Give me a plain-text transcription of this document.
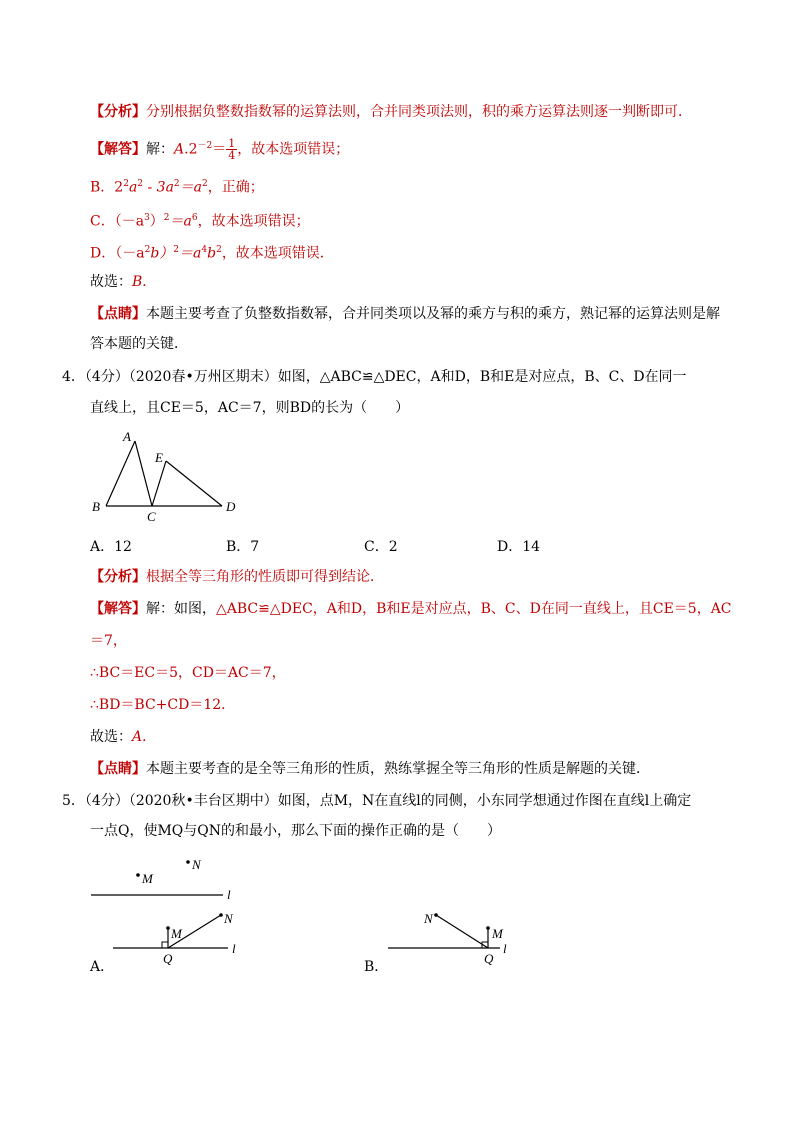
【分析】分别根据负整数指数幂的运算法则，合并同类项法则，积的乘方运算法则逐一判断即可．
【解答】解：$A.2^{-2}= \frac{1}{4}$ ，故本选项错误；
B．$2^2a^2 - 3a^2=a^2$，正确；
C．$(-a^3)^2=a^6$，故本选项错误；
D．$(-a^2b)^2=a^4b^2$，故本选项错误．
故选：B．
【点睛】本题主要考查了负整数指数幂，合并同类项以及幂的乘方与积的乘方，熟记幂的运算法则是解
答本题的关键．
4．（4分）（2020春•万州区期末）如图，△ABC≌△DEC，A和D，B和E是对应点，B、C、D在同一
直线上，且CE＝5，AC＝7，则BD的长为（　　）
A
E
B
C
D
A．12	B．7	C．2	D．14
【分析】根据全等三角形的性质即可得到结论．
【解答】解：如图，△ABC≌△DEC，A和D，B和E是对应点，B、C、D在同一直线上，且CE＝5，AC
＝7，
∴BC＝EC＝5，CD＝AC＝7，
∴BD＝BC+CD＝12．
故选：A．
【点睛】本题主要考查的是全等三角形的性质，熟练掌握全等三角形的性质是解题的关键．
5．（4分）（2020秋•丰台区期中）如图，点M，N在直线l的同侧，小东同学想通过作图在直线l上确定
一点Q，使MQ与QN的和最小，那么下面的操作正确的是（　　）
M
N
l
M
N
Q
l
A．
M
N
Q
l
B．
